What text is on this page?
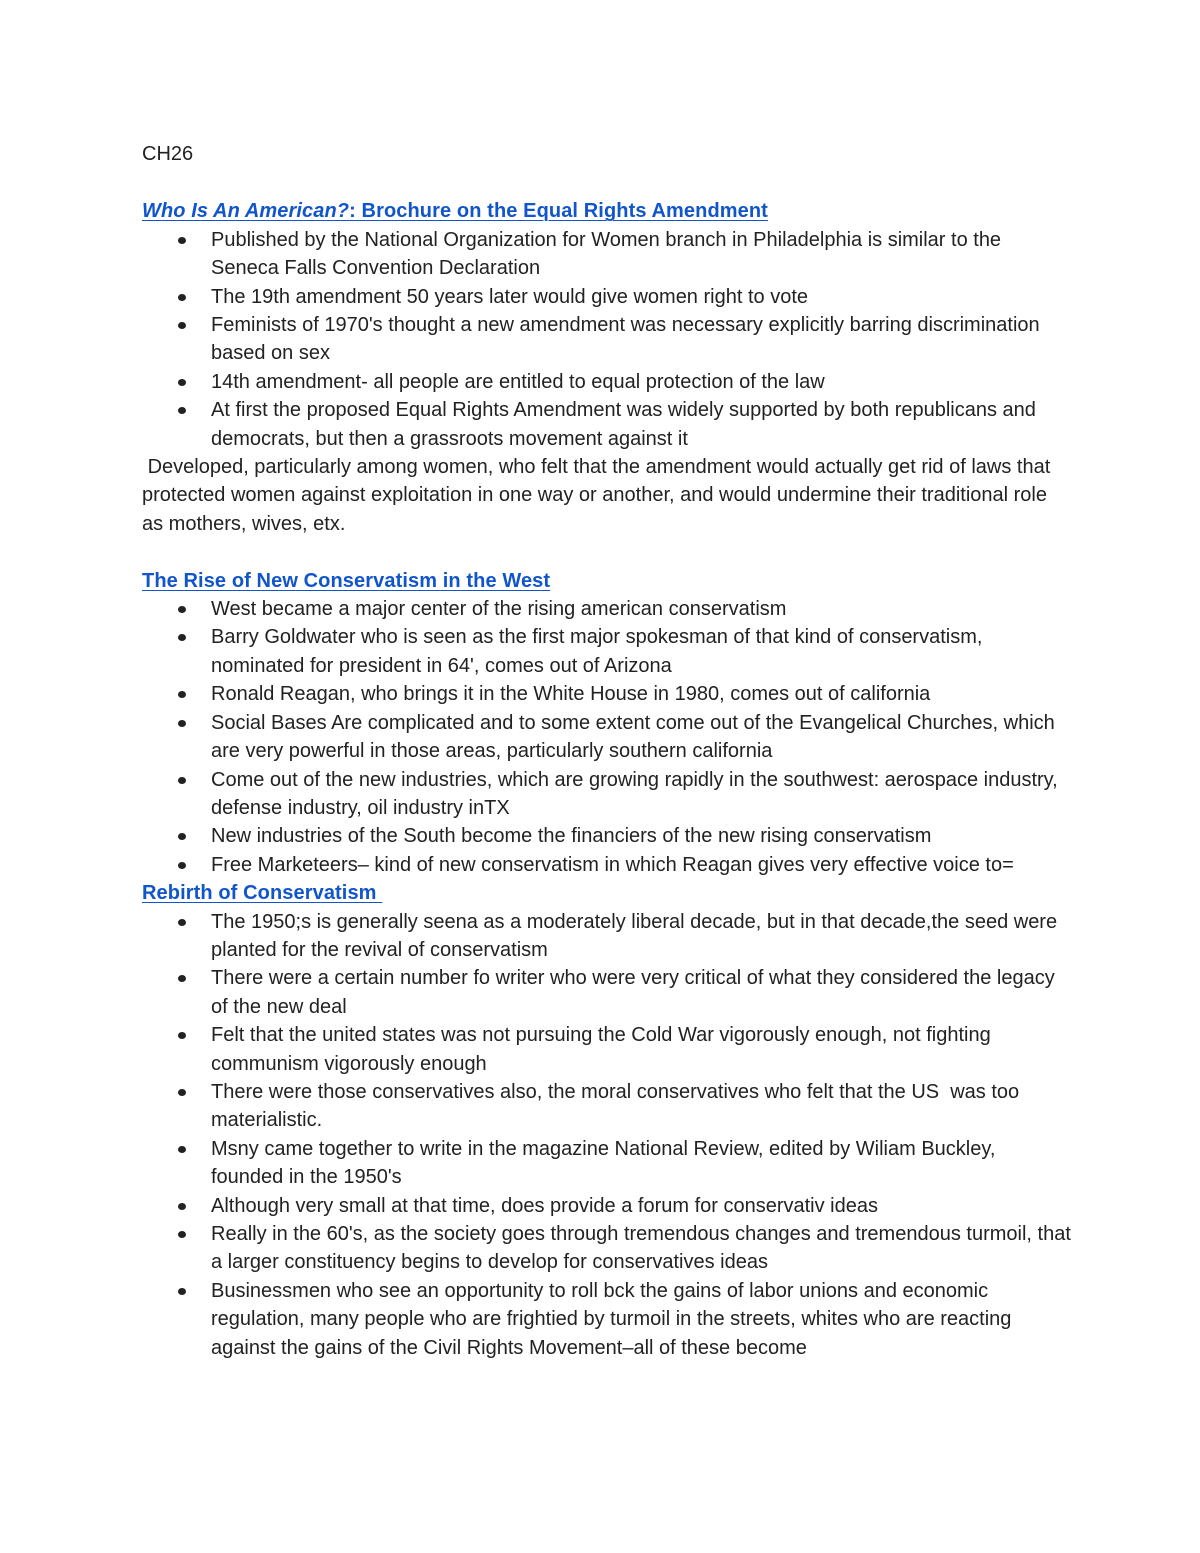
CH26
Who Is An American?: Brochure on the Equal Rights Amendment
Published by the National Organization for Women branch in Philadelphia is similar to the Seneca Falls Convention Declaration
The 19th amendment 50 years later would give women right to vote
Feminists of 1970's thought a new amendment was necessary explicitly barring discrimination based on sex
14th amendment- all people are entitled to equal protection of the law
At first the proposed Equal Rights Amendment was widely supported by both republicans and democrats, but then a grassroots movement against it

Developed, particularly among women, who felt that the amendment would actually get rid of laws that protected women against exploitation in one way or another, and would undermine their traditional role as mothers, wives, etx.

The Rise of New Conservatism in the West
West became a major center of the rising american conservatism
Barry Goldwater who is seen as the first major spokesman of that kind of conservatism, nominated for president in 64', comes out of Arizona
Ronald Reagan, who brings it in the White House in 1980, comes out of california
Social Bases Are complicated and to some extent come out of the Evangelical Churches, which are very powerful in those areas, particularly southern california
Come out of the new industries, which are growing rapidly in the southwest: aerospace industry, defense industry, oil industry inTX
New industries of the South become the financiers of the new rising conservatism
Free Marketeers– kind of new conservatism in which Reagan gives very effective voice to=
Rebirth of Conservatism
The 1950;s is generally seena as a moderately liberal decade, but in that decade,the seed were planted for the revival of conservatism
There were a certain number fo writer who were very critical of what they considered the legacy of the new deal
Felt that the united states was not pursuing the Cold War vigorously enough, not fighting communism vigorously enough
There were those conservatives also, the moral conservatives who felt that the US  was too materialistic.
Msny came together to write in the magazine National Review, edited by Wiliam Buckley, founded in the 1950's
Although very small at that time, does provide a forum for conservativ ideas
Really in the 60's, as the society goes through tremendous changes and tremendous turmoil, that a larger constituency begins to develop for conservatives ideas
Businessmen who see an opportunity to roll bck the gains of labor unions and economic regulation, many people who are frightied by turmoil in the streets, whites who are reacting against the gains of the Civil Rights Movement–all of these become
